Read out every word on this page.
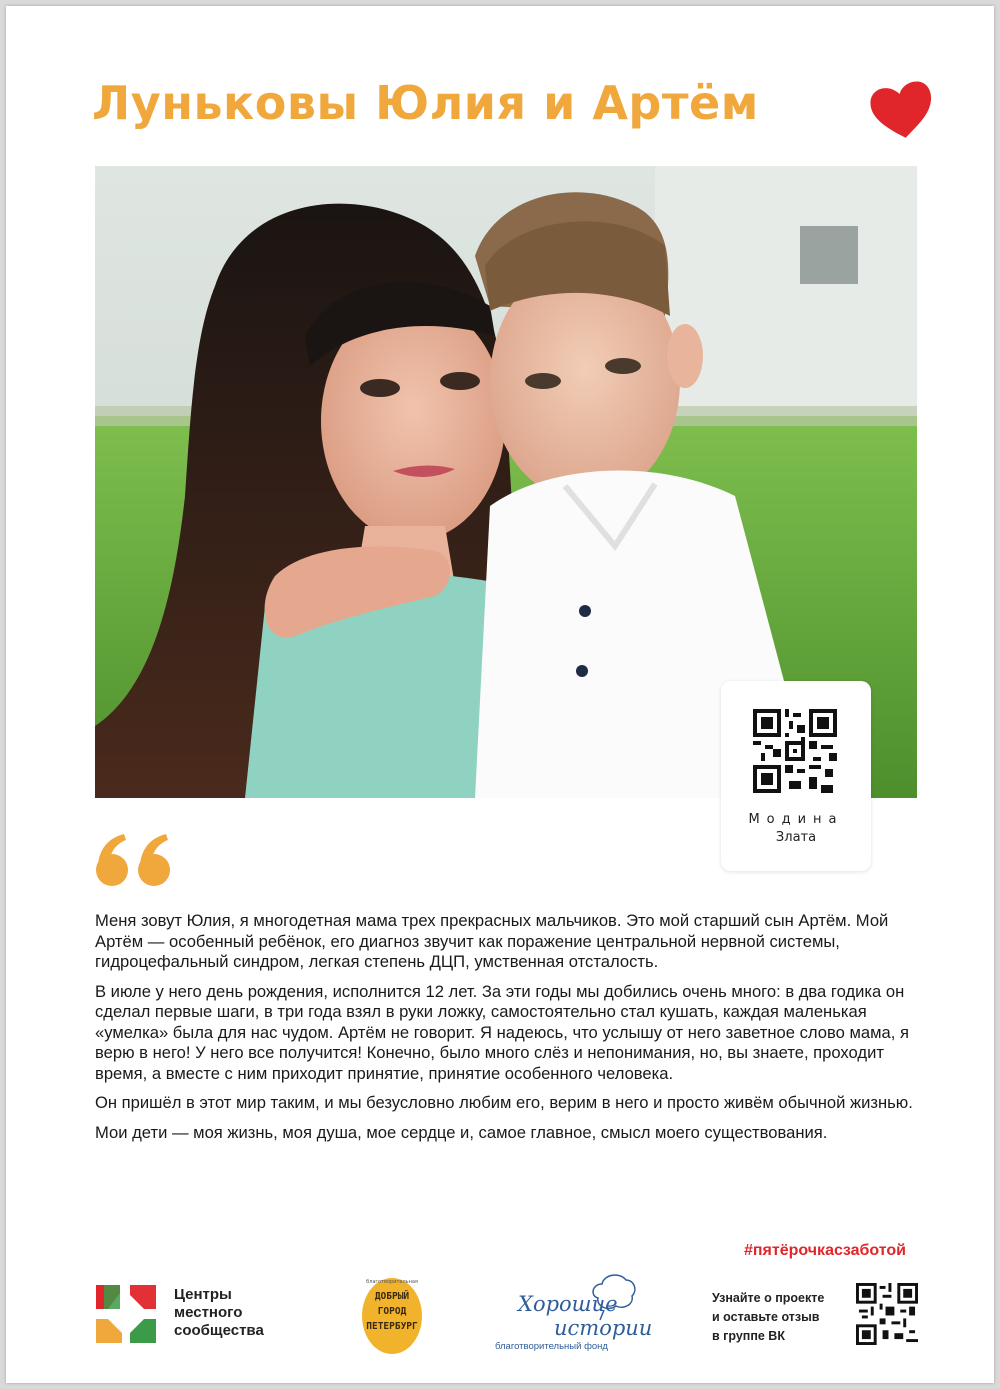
Луньковы Юлия и Артём
Модина
Злата

Меня зовут Юлия, я многодетная мама трех прекрасных мальчиков. Это мой старший сын Артём. Мой Артём — особенный ребёнок, его диагноз звучит как поражение центральной нервной системы, гидроцефальный синдром, легкая степень ДЦП, умственная отсталость.

В июле у него день рождения, исполнится 12 лет. За эти годы мы добились очень много: в два годика он сделал первые шаги, в три года взял в руки ложку, самостоятельно стал кушать, каждая маленькая «умелка» была для нас чудом. Артём не говорит. Я надеюсь, что услышу от него заветное слово мама, я верю в него! У него все получится! Конечно, было много слёз и непонимания, но, вы знаете, проходит время, а вместе с ним приходит принятие, принятие особенного человека.

Он пришёл в этот мир таким, и мы безусловно любим его, верим в него и просто живём обычной жизнью.

Мои дети — моя жизнь, моя душа, мое сердце и, самое главное, смысл моего существования.

#пятёрочкасзаботой
Центры
местного
сообщества
благотворительная
ДОБРЫЙ
ГОРОД
ПЕТЕРБУРГ
Хорошие
истории
благотворительный фонд
Узнайте о проекте
и оставьте отзыв
в группе ВК
